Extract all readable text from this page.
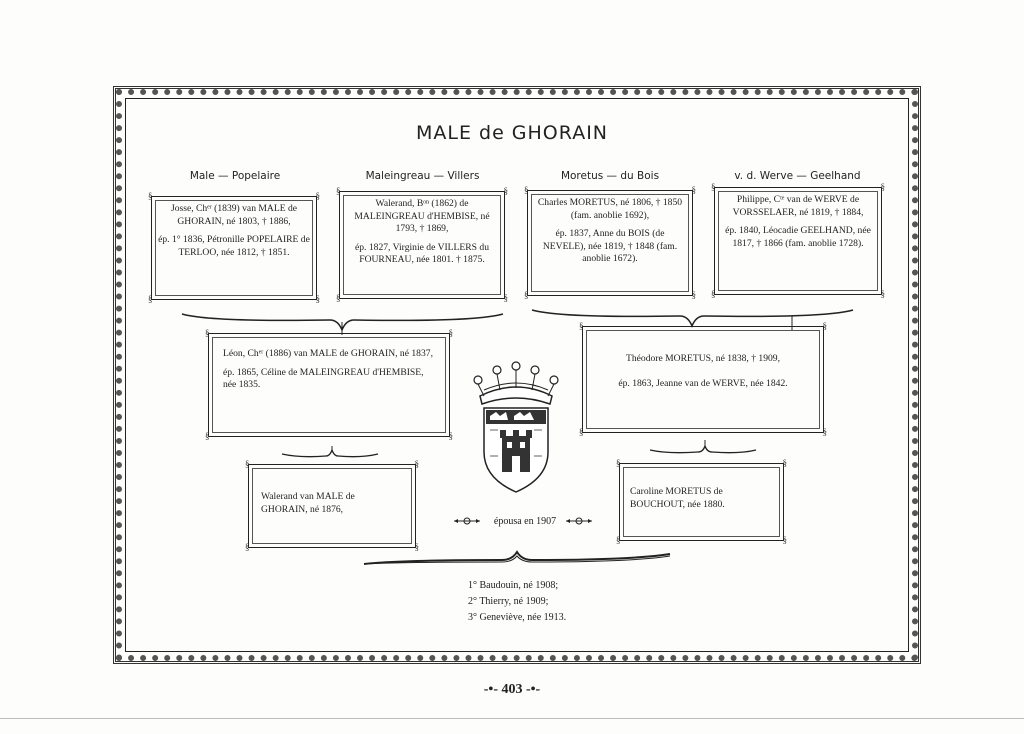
MALE de GHORAIN
Male — Popelaire	Maleingreau — Villers	Moretus — du Bois	v. d. Werve — Geelhand
§	§
§	§

Josse, Chᵉʳ (1839) van MALE de GHORAIN, né 1803, † 1886,

ép. 1° 1836, Pétronille POPELAIRE de TERLOO, née 1812, † 1851.

§	§
§	§

Walerand, Bᵒⁿ (1862) de MALEINGREAU d'HEMBISE, né 1793, † 1869,

ép. 1827, Virginie de VILLERS du FOURNEAU, née 1801. † 1875.

§	§
§	§

Charles MORETUS, né 1806, † 1850 (fam. anoblie 1692),

ép. 1837, Anne du BOIS (de NEVELE), née 1819, † 1848 (fam. anoblie 1672).

§	§
§	§

Philippe, Cᵗᵉ van de WERVE de VORSSELAER, né 1819, † 1884,

ép. 1840, Léocadie GEELHAND, née 1817, † 1866 (fam. anoblie 1728).

§	§
§	§

Léon, Chᵉʳ (1886) van MALE de GHORAIN, né 1837,

ép. 1865, Céline de MALEINGREAU d'HEMBISE, née 1835.

§	§
§	§

Théodore MORETUS, né 1838, † 1909,

ép. 1863, Jeanne van de WERVE, née 1842.

§	§
§	§

Walerand van MALE de GHORAIN, né 1876,

§	§
§	§

Caroline MORETUS de BOUCHOUT, née 1880.

épousa en 1907
1° Baudouin, né 1908;
2° Thierry, né 1909;
3° Geneviève, née 1913.
-•- 403 -•-
